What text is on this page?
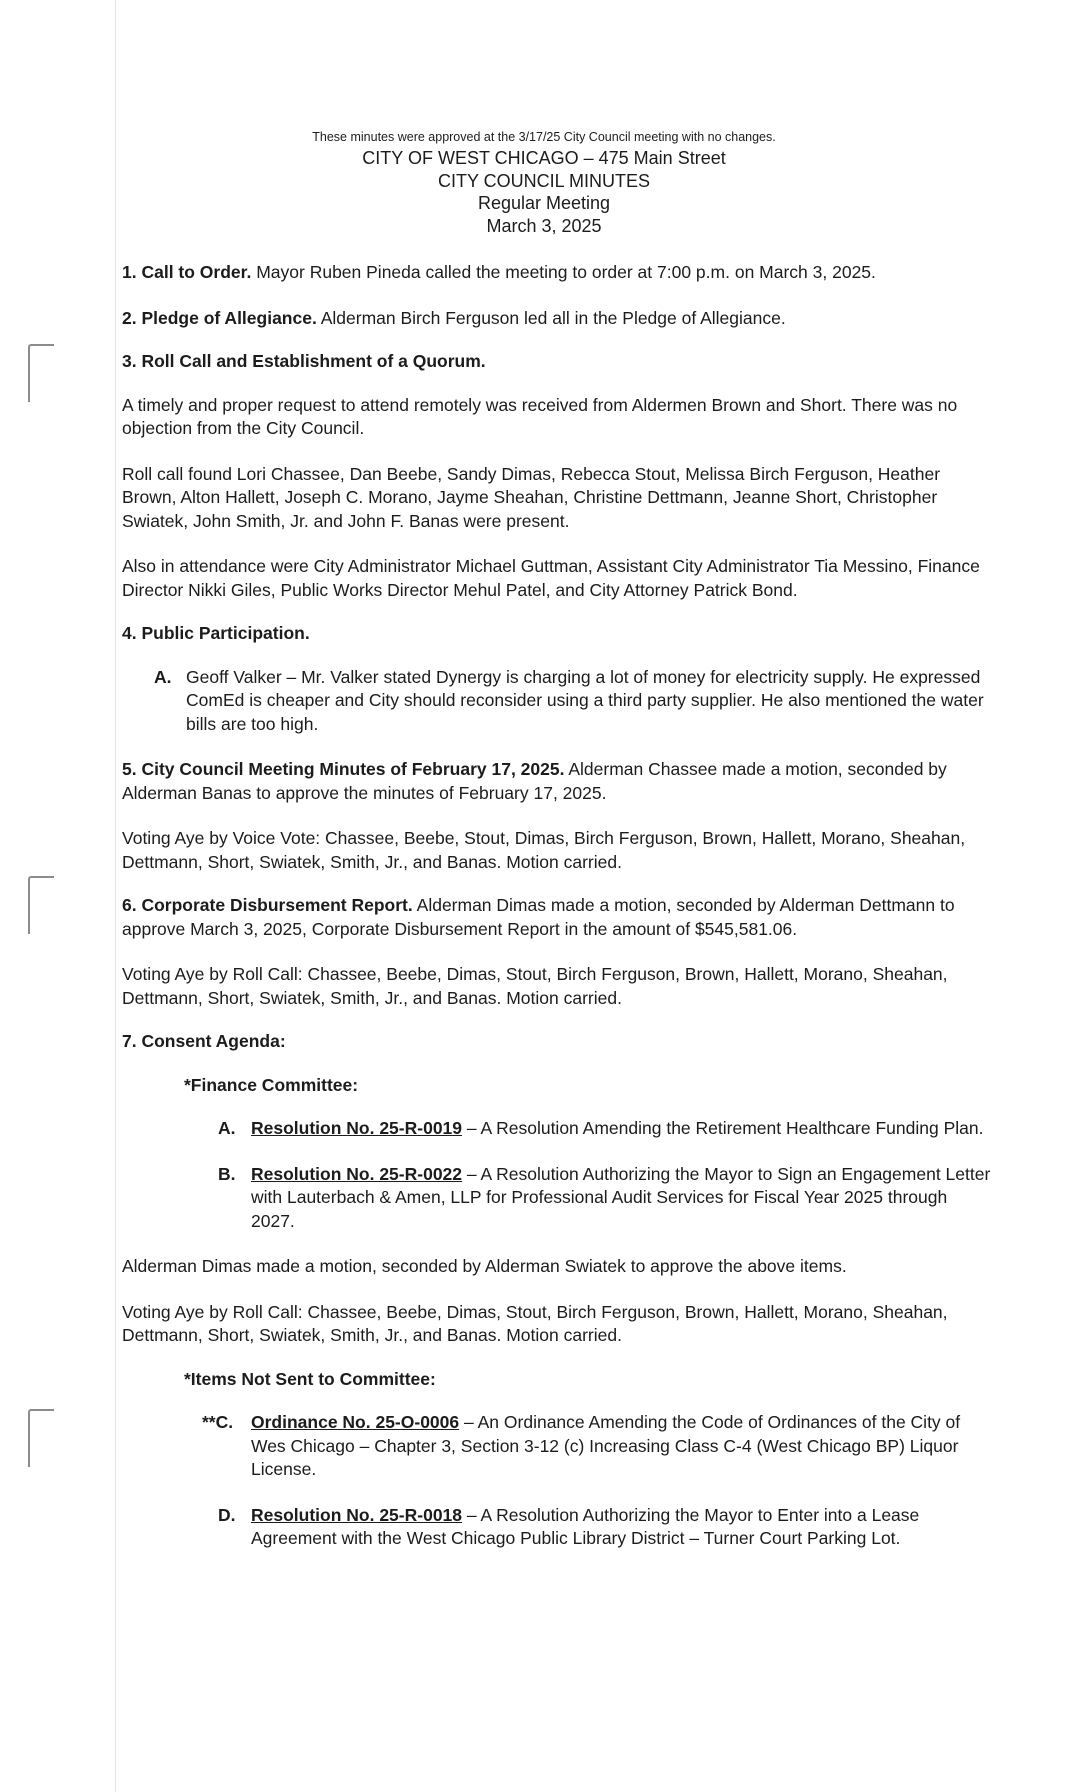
These minutes were approved at the 3/17/25 City Council meeting with no changes.
CITY OF WEST CHICAGO – 475 Main Street
CITY COUNCIL MINUTES
Regular Meeting
March 3, 2025

1. Call to Order. Mayor Ruben Pineda called the meeting to order at 7:00 p.m. on March 3, 2025.

2. Pledge of Allegiance. Alderman Birch Ferguson led all in the Pledge of Allegiance.

3. Roll Call and Establishment of a Quorum.

A timely and proper request to attend remotely was received from Aldermen Brown and Short. There was no objection from the City Council.

Roll call found Lori Chassee, Dan Beebe, Sandy Dimas, Rebecca Stout, Melissa Birch Ferguson, Heather Brown, Alton Hallett, Joseph C. Morano, Jayme Sheahan, Christine Dettmann, Jeanne Short, Christopher Swiatek, John Smith, Jr. and John F. Banas were present.

Also in attendance were City Administrator Michael Guttman, Assistant City Administrator Tia Messino, Finance Director Nikki Giles, Public Works Director Mehul Patel, and City Attorney Patrick Bond.

4. Public Participation.

A. Geoff Valker – Mr. Valker stated Dynergy is charging a lot of money for electricity supply. He expressed ComEd is cheaper and City should reconsider using a third party supplier. He also mentioned the water bills are too high.

5. City Council Meeting Minutes of February 17, 2025. Alderman Chassee made a motion, seconded by Alderman Banas to approve the minutes of February 17, 2025.

Voting Aye by Voice Vote: Chassee, Beebe, Stout, Dimas, Birch Ferguson, Brown, Hallett, Morano, Sheahan, Dettmann, Short, Swiatek, Smith, Jr., and Banas. Motion carried.

6. Corporate Disbursement Report. Alderman Dimas made a motion, seconded by Alderman Dettmann to approve March 3, 2025, Corporate Disbursement Report in the amount of $545,581.06.

Voting Aye by Roll Call: Chassee, Beebe, Dimas, Stout, Birch Ferguson, Brown, Hallett, Morano, Sheahan, Dettmann, Short, Swiatek, Smith, Jr., and Banas. Motion carried.

7. Consent Agenda:

*Finance Committee:
A. Resolution No. 25-R-0019 – A Resolution Amending the Retirement Healthcare Funding Plan.
B. Resolution No. 25-R-0022 – A Resolution Authorizing the Mayor to Sign an Engagement Letter with Lauterbach & Amen, LLP for Professional Audit Services for Fiscal Year 2025 through 2027.

Alderman Dimas made a motion, seconded by Alderman Swiatek to approve the above items.

Voting Aye by Roll Call: Chassee, Beebe, Dimas, Stout, Birch Ferguson, Brown, Hallett, Morano, Sheahan, Dettmann, Short, Swiatek, Smith, Jr., and Banas. Motion carried.

*Items Not Sent to Committee:
**C. Ordinance No. 25-O-0006 – An Ordinance Amending the Code of Ordinances of the City of Wes Chicago – Chapter 3, Section 3-12 (c) Increasing Class C-4 (West Chicago BP) Liquor License.
D. Resolution No. 25-R-0018 – A Resolution Authorizing the Mayor to Enter into a Lease Agreement with the West Chicago Public Library District – Turner Court Parking Lot.
